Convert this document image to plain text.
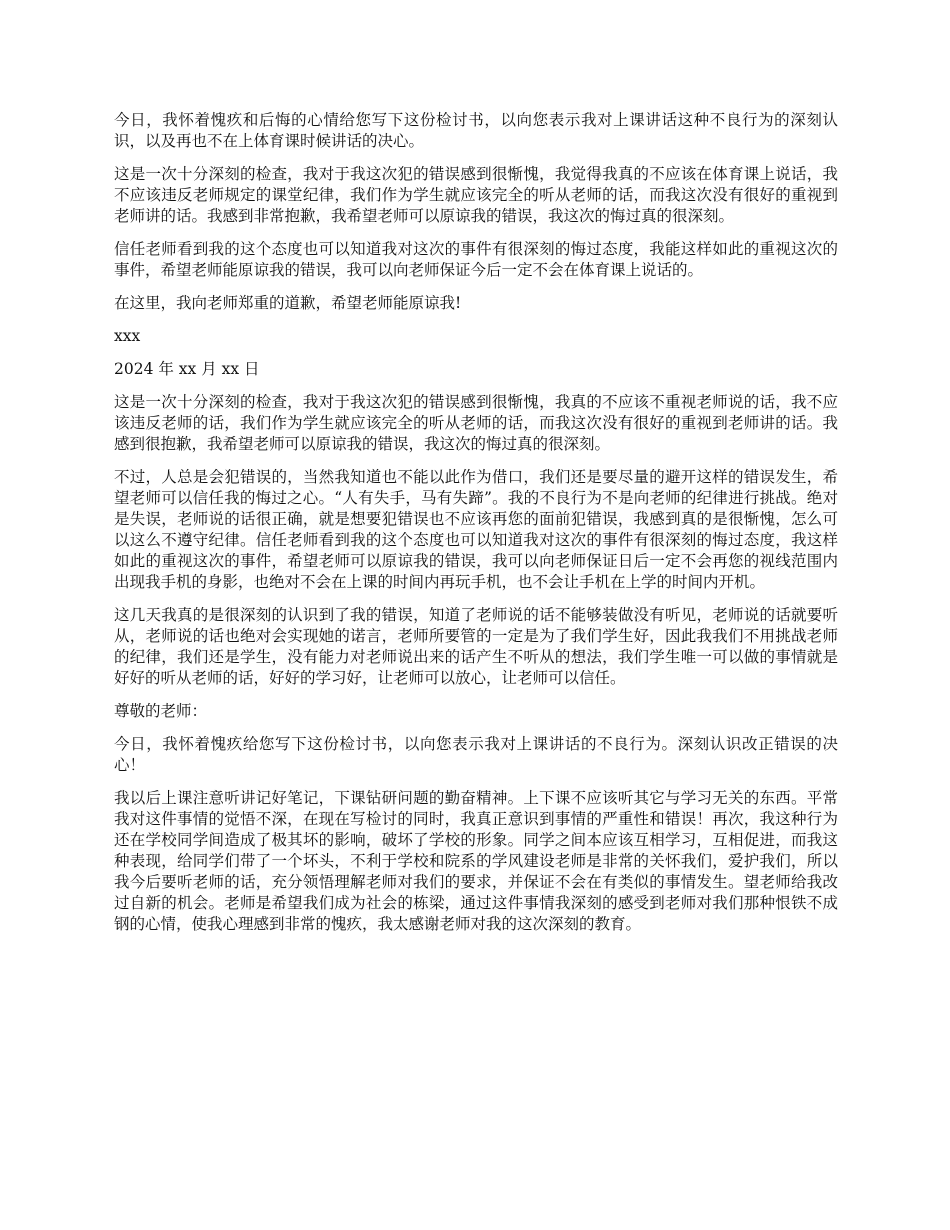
今日，我怀着愧疚和后悔的心情给您写下这份检讨书，以向您表示我对上课讲话这种不良行为的深刻认识，以及再也不在上体育课时候讲话的决心。

这是一次十分深刻的检查，我对于我这次犯的错误感到很惭愧，我觉得我真的不应该在体育课上说话，我不应该违反老师规定的课堂纪律，我们作为学生就应该完全的听从老师的话，而我这次没有很好的重视到老师讲的话。我感到非常抱歉，我希望老师可以原谅我的错误，我这次的悔过真的很深刻。

信任老师看到我的这个态度也可以知道我对这次的事件有很深刻的悔过态度，我能这样如此的重视这次的事件，希望老师能原谅我的错误，我可以向老师保证今后一定不会在体育课上说话的。

在这里，我向老师郑重的道歉，希望老师能原谅我!

xxx

2024 年 xx 月 xx 日

这是一次十分深刻的检查，我对于我这次犯的错误感到很惭愧，我真的不应该不重视老师说的话，我不应该违反老师的话，我们作为学生就应该完全的听从老师的话，而我这次没有很好的重视到老师讲的话。我感到很抱歉，我希望老师可以原谅我的错误，我这次的悔过真的很深刻。

不过，人总是会犯错误的，当然我知道也不能以此作为借口，我们还是要尽量的避开这样的错误发生，希望老师可以信任我的悔过之心。“人有失手，马有失蹄”。我的不良行为不是向老师的纪律进行挑战。绝对是失误，老师说的话很正确，就是想要犯错误也不应该再您的面前犯错误，我感到真的是很惭愧，怎么可以这么不遵守纪律。信任老师看到我的这个态度也可以知道我对这次的事件有很深刻的悔过态度，我这样如此的重视这次的事件，希望老师可以原谅我的错误，我可以向老师保证日后一定不会再您的视线范围内出现我手机的身影，也绝对不会在上课的时间内再玩手机，也不会让手机在上学的时间内开机。

这几天我真的是很深刻的认识到了我的错误，知道了老师说的话不能够装做没有听见，老师说的话就要听从，老师说的话也绝对会实现她的诺言，老师所要管的一定是为了我们学生好，因此我我们不用挑战老师的纪律，我们还是学生，没有能力对老师说出来的话产生不听从的想法，我们学生唯一可以做的事情就是好好的听从老师的话，好好的学习好，让老师可以放心，让老师可以信任。

尊敬的老师：

今日，我怀着愧疚给您写下这份检讨书，以向您表示我对上课讲话的不良行为。深刻认识改正错误的决心！

我以后上课注意听讲记好笔记，下课钻研问题的勤奋精神。上下课不应该听其它与学习无关的东西。平常我对这件事情的觉悟不深，在现在写检讨的同时，我真正意识到事情的严重性和错误！再次，我这种行为还在学校同学间造成了极其坏的影响，破坏了学校的形象。同学之间本应该互相学习，互相促进，而我这种表现，给同学们带了一个坏头，不利于学校和院系的学风建设老师是非常的关怀我们，爱护我们，所以我今后要听老师的话，充分领悟理解老师对我们的要求，并保证不会在有类似的事情发生。望老师给我改过自新的机会。老师是希望我们成为社会的栋梁，通过这件事情我深刻的感受到老师对我们那种恨铁不成钢的心情，使我心理感到非常的愧疚，我太感谢老师对我的这次深刻的教育。
